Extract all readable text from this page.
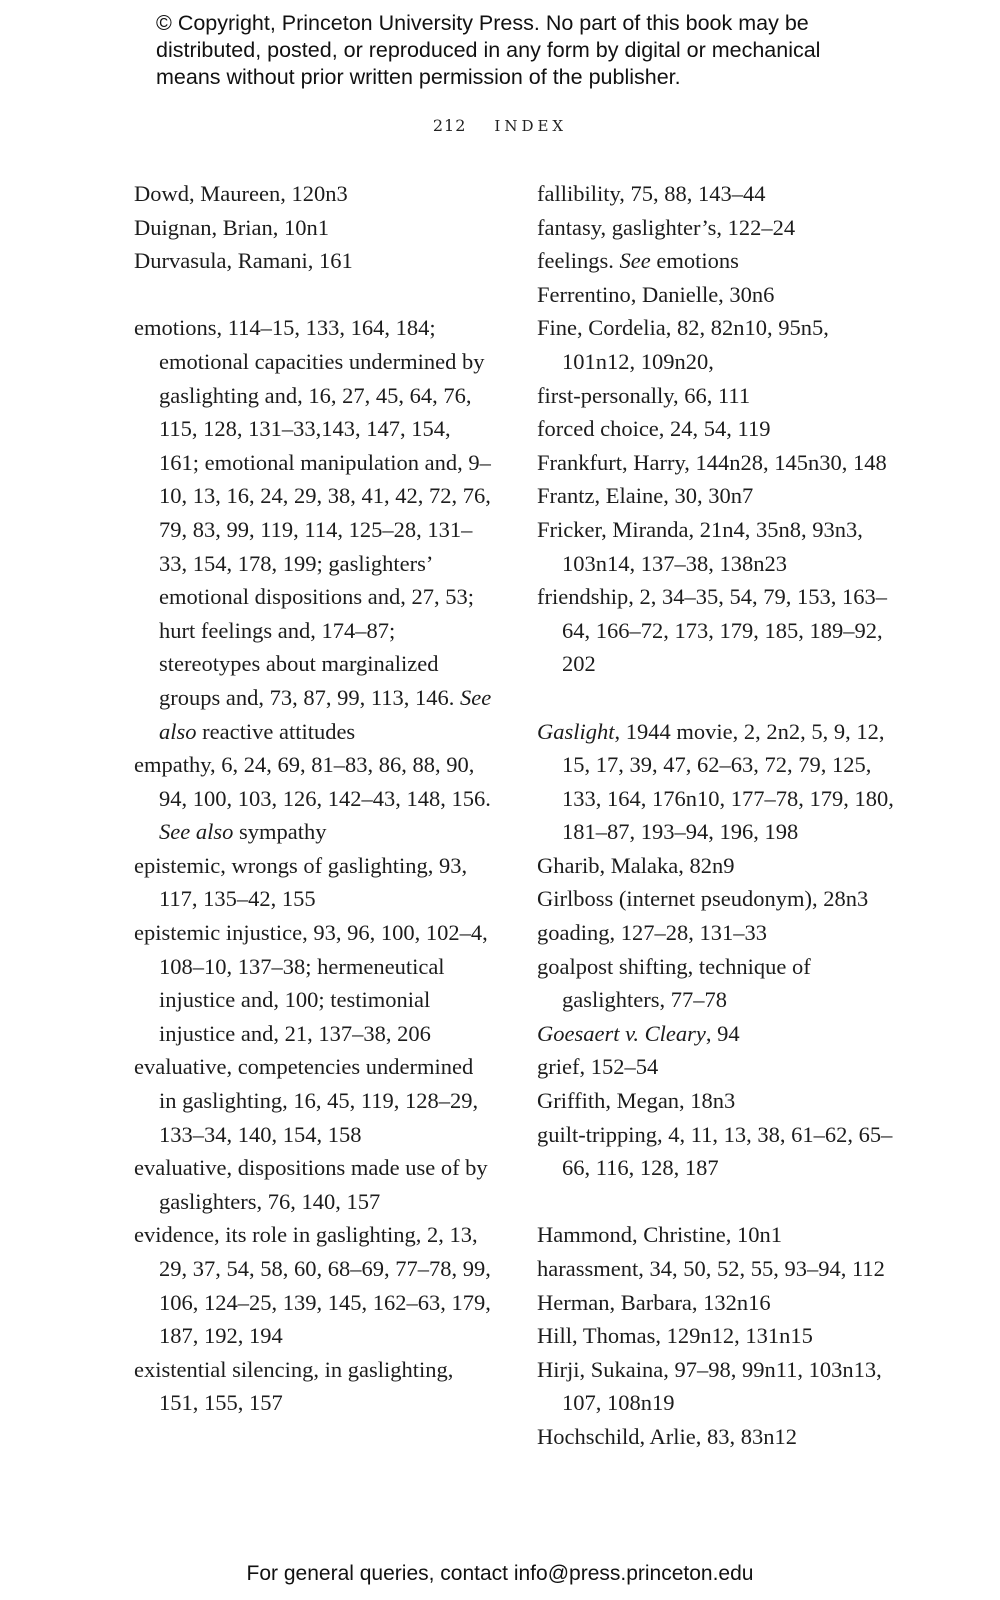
© Copyright, Princeton University Press. No part of this book may be distributed, posted, or reproduced in any form by digital or mechanical means without prior written permission of the publisher.
212 INDEX
Dowd, Maureen, 120n3
Duignan, Brian, 10n1
Durvasula, Ramani, 161
emotions, 114–15, 133, 164, 184; emotional capacities undermined by gaslighting and, 16, 27, 45, 64, 76, 115, 128, 131–33,143, 147, 154, 161; emotional manipulation and, 9–10, 13, 16, 24, 29, 38, 41, 42, 72, 76, 79, 83, 99, 119, 114, 125–28, 131–33, 154, 178, 199; gaslighters’ emotional dispositions and, 27, 53; hurt feelings and, 174–87; stereotypes about marginalized groups and, 73, 87, 99, 113, 146. See also reactive attitudes
empathy, 6, 24, 69, 81–83, 86, 88, 90, 94, 100, 103, 126, 142–43, 148, 156. See also sympathy
epistemic, wrongs of gaslighting, 93, 117, 135–42, 155
epistemic injustice, 93, 96, 100, 102–4, 108–10, 137–38; hermeneutical injustice and, 100; testimonial injustice and, 21, 137–38, 206
evaluative, competencies undermined in gaslighting, 16, 45, 119, 128–29, 133–34, 140, 154, 158
evaluative, dispositions made use of by gaslighters, 76, 140, 157
evidence, its role in gaslighting, 2, 13, 29, 37, 54, 58, 60, 68–69, 77–78, 99, 106, 124–25, 139, 145, 162–63, 179, 187, 192, 194
existential silencing, in gaslighting, 151, 155, 157
fallibility, 75, 88, 143–44
fantasy, gaslighter’s, 122–24
feelings. See emotions
Ferrentino, Danielle, 30n6
Fine, Cordelia, 82, 82n10, 95n5, 101n12, 109n20,
first-personally, 66, 111
forced choice, 24, 54, 119
Frankfurt, Harry, 144n28, 145n30, 148
Frantz, Elaine, 30, 30n7
Fricker, Miranda, 21n4, 35n8, 93n3, 103n14, 137–38, 138n23
friendship, 2, 34–35, 54, 79, 153, 163–64, 166–72, 173, 179, 185, 189–92, 202
Gaslight, 1944 movie, 2, 2n2, 5, 9, 12, 15, 17, 39, 47, 62–63, 72, 79, 125, 133, 164, 176n10, 177–78, 179, 180, 181–87, 193–94, 196, 198
Gharib, Malaka, 82n9
Girlboss (internet pseudonym), 28n3
goading, 127–28, 131–33
goalpost shifting, technique of gaslighters, 77–78
Goesaert v. Cleary, 94
grief, 152–54
Griffith, Megan, 18n3
guilt-tripping, 4, 11, 13, 38, 61–62, 65–66, 116, 128, 187
Hammond, Christine, 10n1
harassment, 34, 50, 52, 55, 93–94, 112
Herman, Barbara, 132n16
Hill, Thomas, 129n12, 131n15
Hirji, Sukaina, 97–98, 99n11, 103n13, 107, 108n19
Hochschild, Arlie, 83, 83n12
For general queries, contact info@press.princeton.edu
